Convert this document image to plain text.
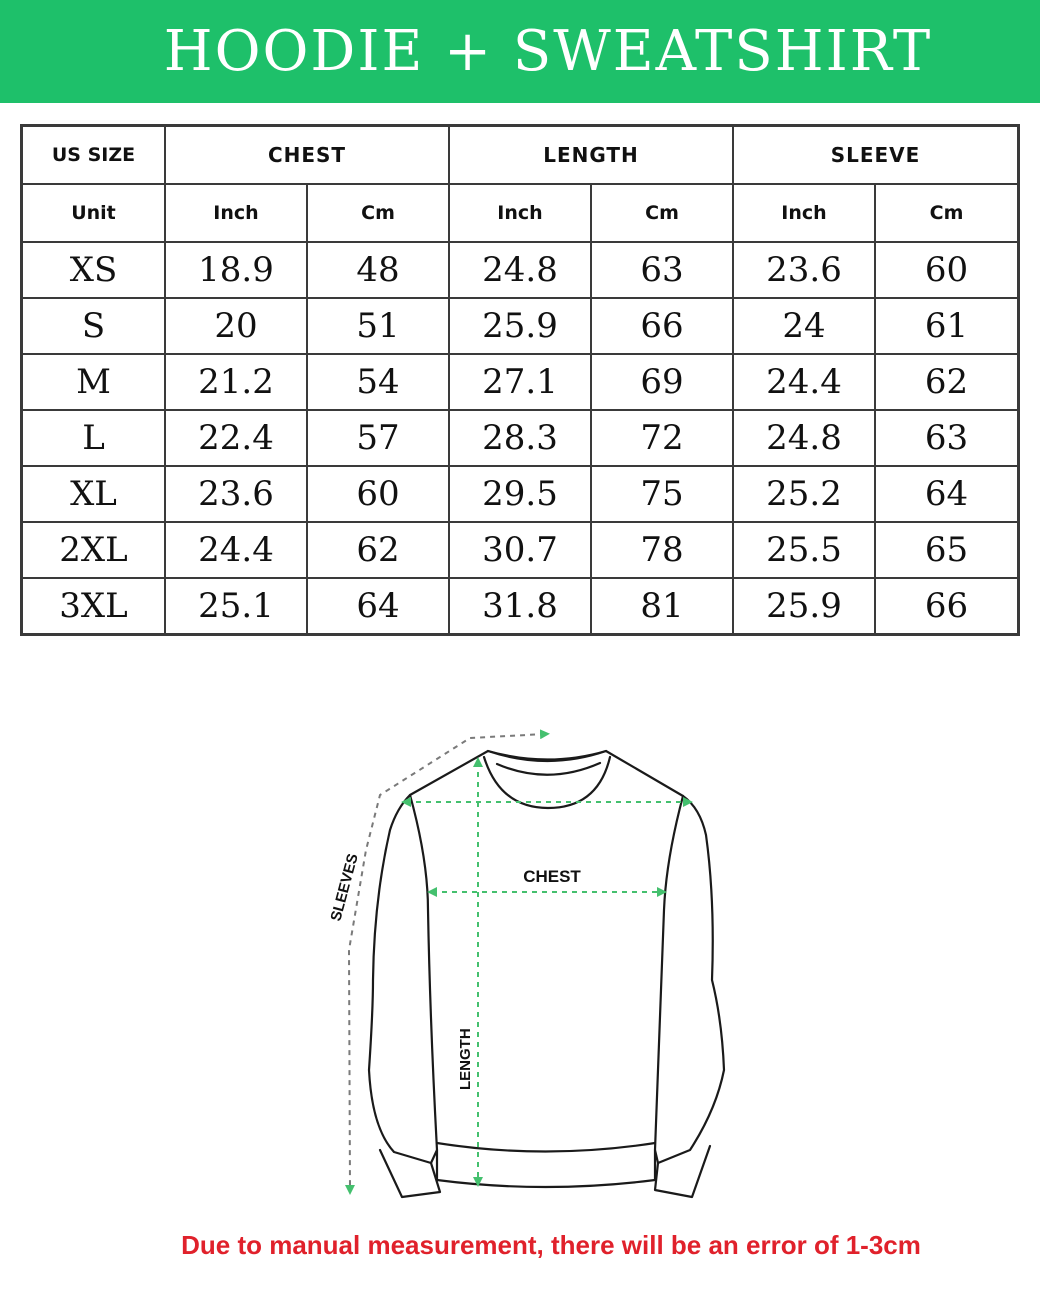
HOODIE + SWEATSHIRT
US SIZE	CHEST		LENGTH		SLEEVE	
Unit	Inch	Cm	Inch	Cm	Inch	Cm
XS	18.9	48	24.8	63	23.6	60
S	20	51	25.9	66	24	61
M	21.2	54	27.1	69	24.4	62
L	22.4	57	28.3	72	24.8	63
XL	23.6	60	29.5	75	25.2	64
2XL	24.4	62	30.7	78	25.5	65
3XL	25.1	64	31.8	81	25.9	66
CHEST
LENGTH
SLEEVES
Due to manual measurement, there will be an error of 1-3cm
